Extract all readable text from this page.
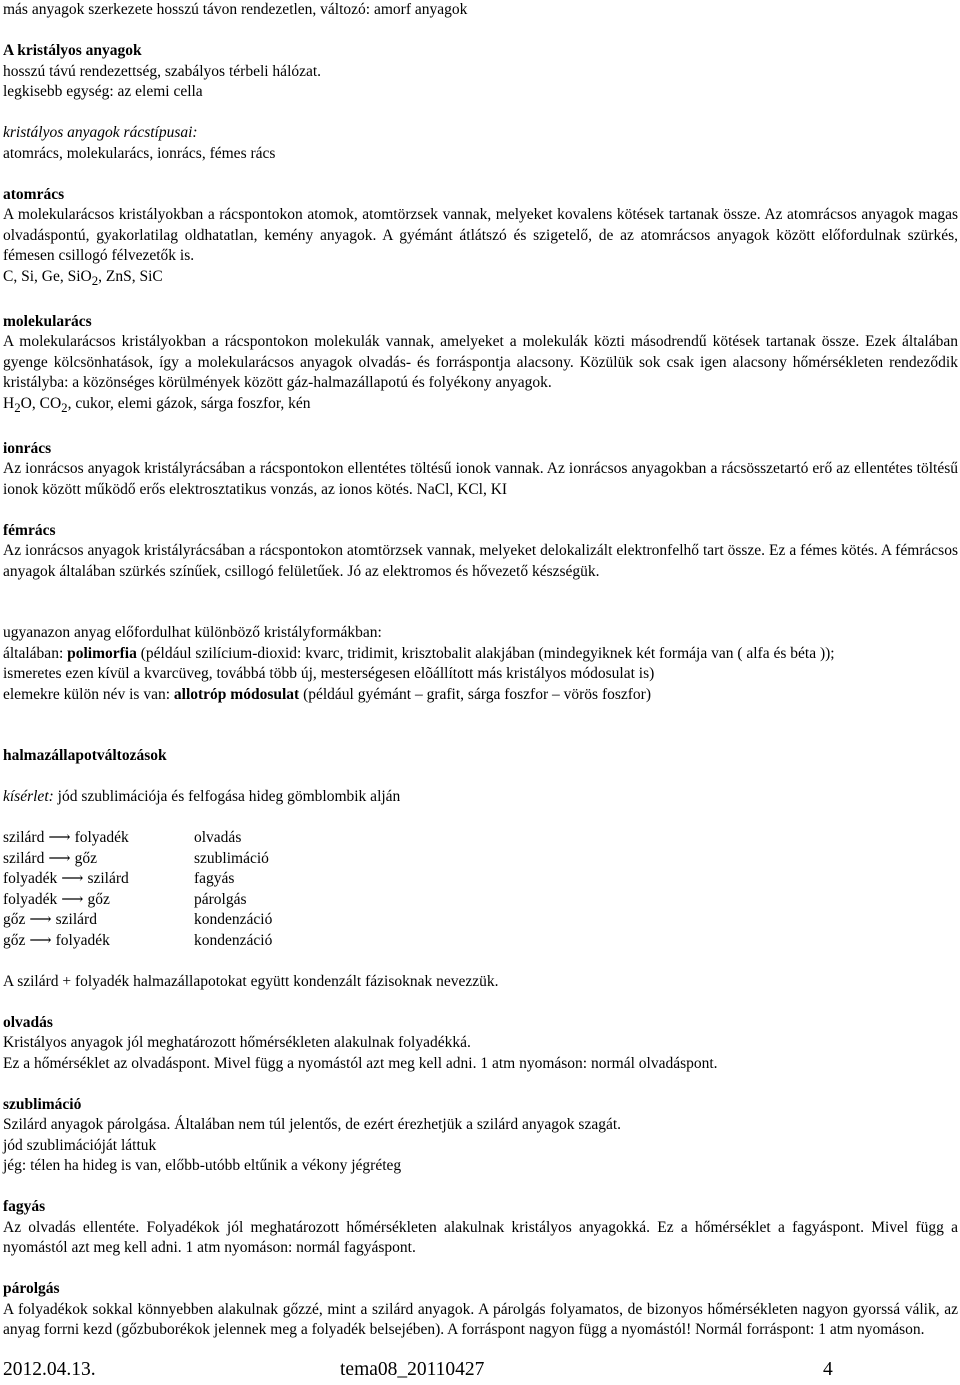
más anyagok szerkezete hosszú távon rendezetlen, változó: amorf anyagok

A kristályos anyagok

hosszú távú rendezettség, szabályos térbeli hálózat.

legkisebb egység: az elemi cella

kristályos anyagok rácstípusai:

atomrács, molekularács, ionrács, fémes rács

atomrács

A molekularácsos kristályokban a rácspontokon atomok, atomtörzsek vannak, melyeket kovalens kötések tartanak össze. Az atomrácsos anyagok magas olvadáspontú, gyakorlatilag oldhatatlan, kemény anyagok. A gyémánt átlátszó és szigetelő, de az atomrácsos anyagok között előfordulnak szürkés, fémesen csillogó félvezetők is.

C, Si, Ge, SiO$_2$, ZnS, SiC

molekularács

A molekularácsos kristályokban a rácspontokon molekulák vannak, amelyeket a molekulák közti másodrendű kötések tartanak össze. Ezek általában gyenge kölcsönhatások, így a molekularácsos anyagok olvadás- és forráspontja alacsony. Közülük sok csak igen alacsony hőmérsékleten rendeződik kristályba: a közönséges körülmények között gáz-halmazállapotú és folyékony anyagok.

$H_2O$, $CO_2$, cukor, elemi gázok, sárga foszfor, kén

ionrács

Az ionrácsos anyagok kristályrácsában a rácspontokon ellentétes töltésű ionok vannak. Az ionrácsos anyagokban a rácsösszetartó erő az ellentétes töltésű ionok között működő erős elektrosztatikus vonzás, az ionos kötés. NaCl, KCl, KI

fémrács

Az ionrácsos anyagok kristályrácsában a rácspontokon atomtörzsek vannak, melyeket delokalizált elektronfelhő tart össze. Ez a fémes kötés. A fémrácsos anyagok általában szürkés színűek, csillogó felületűek. Jó az elektromos és hővezető készségük.

ugyanazon anyag előfordulhat különböző kristályformákban:

általában: polimorfia (például szilícium-dioxid: kvarc, tridimit, krisztobalit alakjában (mindegyiknek két formája van ( alfa és béta ));

ismeretes ezen kívül a kvarcüveg, továbbá több új, mesterségesen elõállított más kristályos módosulat is)

elemekre külön név is van: allotróp módosulat (például gyémánt – grafit, sárga foszfor – vörös foszfor)

halmazállapotváltozások

kísérlet: jód szublimációja és felfogása hideg gömblombik alján

szilárd ⟶ folyadék	olvadás
szilárd ⟶ gőz	szublimáció
folyadék ⟶ szilárd	fagyás
folyadék ⟶ gőz	párolgás
gőz ⟶ szilárd	kondenzáció
gőz ⟶ folyadék	kondenzáció

A szilárd + folyadék halmazállapotokat együtt kondenzált fázisoknak nevezzük.

olvadás

Kristályos anyagok jól meghatározott hőmérsékleten alakulnak folyadékká.

Ez a hőmérséklet az olvadáspont. Mivel függ a nyomástól azt meg kell adni. 1 atm nyomáson: normál olvadáspont.

szublimáció

Szilárd anyagok párolgása. Általában nem túl jelentős, de ezért érezhetjük a szilárd anyagok szagát.

jód szublimációját láttuk

jég: télen ha hideg is van, előbb-utóbb eltűnik a vékony jégréteg

fagyás

Az olvadás ellentéte. Folyadékok jól meghatározott hőmérsékleten alakulnak kristályos anyagokká. Ez a hőmérséklet a fagyáspont. Mivel függ a nyomástól azt meg kell adni. 1 atm nyomáson: normál fagyáspont.

párolgás

A folyadékok sokkal könnyebben alakulnak gőzzé, mint a szilárd anyagok. A párolgás folyamatos, de bizonyos hőmérsékleten nagyon gyorssá válik, az anyag forrni kezd (gőzbuborékok jelennek meg a folyadék belsejében). A forráspont nagyon függ a nyomástól! Normál forráspont: 1 atm nyomáson.

2012.04.13.	tema08_20110427	4
